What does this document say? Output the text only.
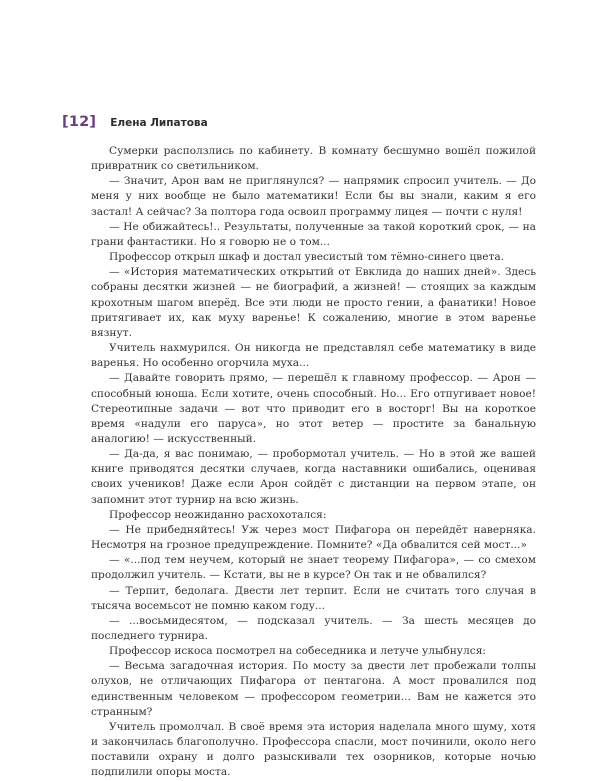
[12] Елена Липатова

Сумерки расползлись по кабинету. В комнату бесшумно вошёл пожилой привратник со светильником.

— Значит, Арон вам не приглянулся? — напрямик спросил учитель. — До меня у них вообще не было математики! Если бы вы знали, каким я его застал! А сейчас? За полтора года освоил программу лицея — почти с нуля!

— Не обижайтесь!.. Результаты, полученные за такой короткий срок, — на грани фантастики. Но я говорю не о том...

Профессор открыл шкаф и достал увесистый том тёмно-синего цвета.

— «История математических открытий от Евклида до наших дней». Здесь собраны десятки жизней — не биографий, а жизней! — стоящих за каждым крохотным шагом вперёд. Все эти люди не просто гении, а фанатики! Новое притягивает их, как муху варенье! К сожалению, многие в этом варенье вязнут.

Учитель нахмурился. Он никогда не представлял себе математику в виде варенья. Но особенно огорчила муха...

— Давайте говорить прямо, — перешёл к главному профессор. — Арон — способный юноша. Если хотите, очень способный. Но... Его отпугивает новое! Стереотипные задачи — вот что приводит его в восторг! Вы на короткое время «надули его паруса», но этот ветер — простите за банальную аналогию! — искусственный.

— Да-да, я вас понимаю, — пробормотал учитель. — Но в этой же вашей книге приводятся десятки случаев, когда наставники ошибались, оценивая своих учеников! Даже если Арон сойдёт с дистанции на первом этапе, он запомнит этот турнир на всю жизнь.

Профессор неожиданно расхохотался:

— Не прибедняйтесь! Уж через мост Пифагора он перейдёт наверняка. Несмотря на грозное предупреждение. Помните? «Да обвалится сей мост...»

— «...под тем неучем, который не знает теорему Пифагора», — со смехом продолжил учитель. — Кстати, вы не в курсе? Он так и не обвалился?

— Терпит, бедолага. Двести лет терпит. Если не считать того случая в тысяча восемьсот не помню каком году...

— ...восьмидесятом, — подсказал учитель. — За шесть месяцев до последнего турнира.

Профессор искоса посмотрел на собеседника и летуче улыбнулся:

— Весьма загадочная история. По мосту за двести лет пробежали толпы олухов, не отличающих Пифагора от пентагона. А мост провалился под единственным человеком — профессором геометрии... Вам не кажется это странным?

Учитель промолчал. В своё время эта история наделала много шуму, хотя и закончилась благополучно. Профессора спасли, мост починили, около него поставили охрану и долго разыскивали тех озорников, которые ночью подпилили опоры моста.
